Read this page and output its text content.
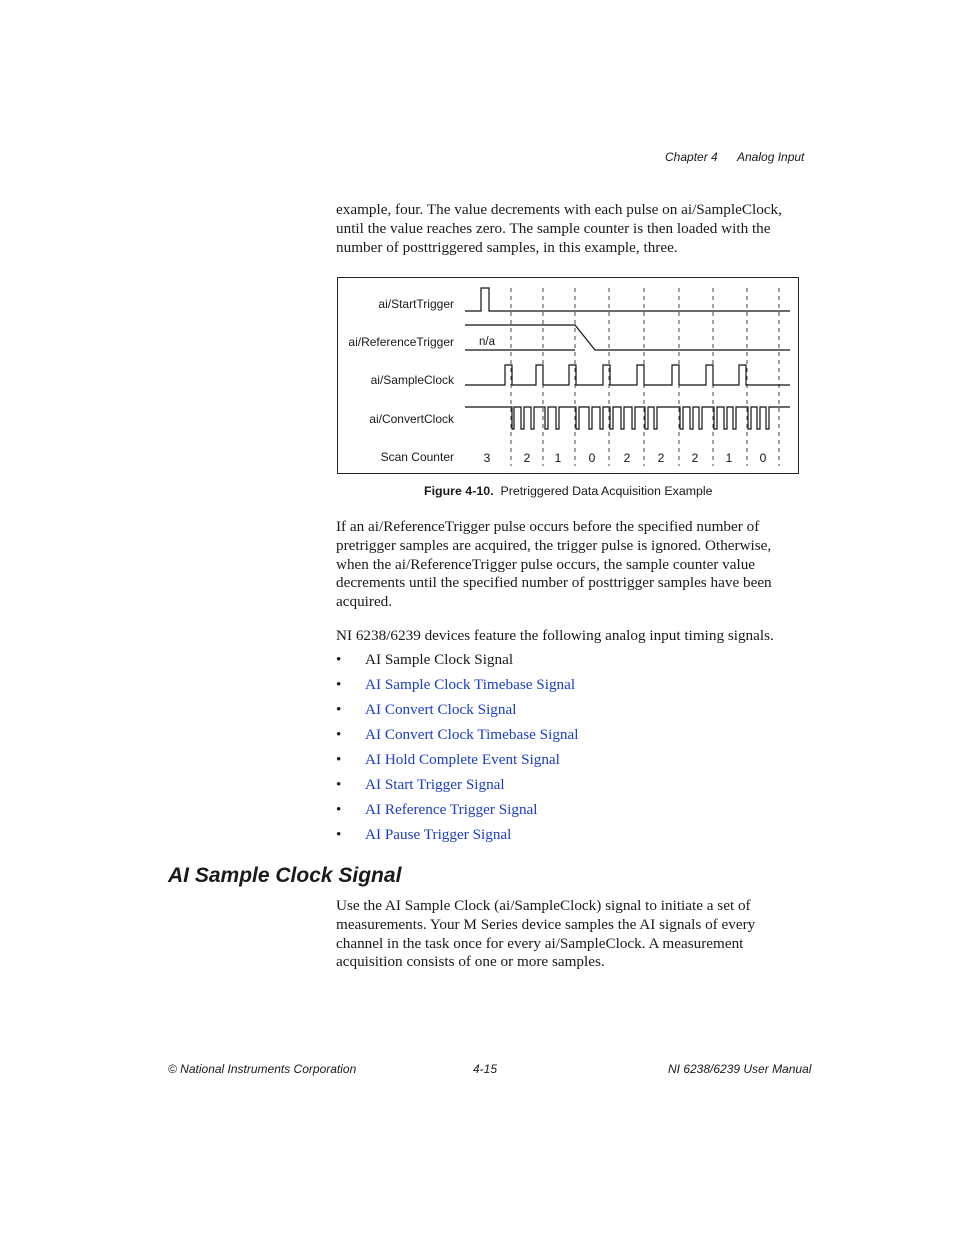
Chapter 4 Analog Input

example, four. The value decrements with each pulse on ai/SampleClock, until the value reaches zero. The sample counter is then loaded with the number of posttriggered samples, in this example, three.

n/a
3	2 1 0 2 2 2 1 0
ai/StartTrigger
ai/ReferenceTrigger
ai/SampleClock
ai/ConvertClock
Scan Counter
Figure 4-10. Pretriggered Data Acquisition Example

If an ai/ReferenceTrigger pulse occurs before the specified number of pretrigger samples are acquired, the trigger pulse is ignored. Otherwise, when the ai/ReferenceTrigger pulse occurs, the sample counter value decrements until the specified number of posttrigger samples have been acquired.

NI 6238/6239 devices feature the following analog input timing signals.

• AI Sample Clock Signal
• AI Sample Clock Timebase Signal
• AI Convert Clock Signal
• AI Convert Clock Timebase Signal
• AI Hold Complete Event Signal
• AI Start Trigger Signal
• AI Reference Trigger Signal
• AI Pause Trigger Signal
AI Sample Clock Signal

Use the AI Sample Clock (ai/SampleClock) signal to initiate a set of measurements. Your M Series device samples the AI signals of every channel in the task once for every ai/SampleClock. A measurement acquisition consists of one or more samples.

© National Instruments Corporation	4-15	NI 6238/6239 User Manual
